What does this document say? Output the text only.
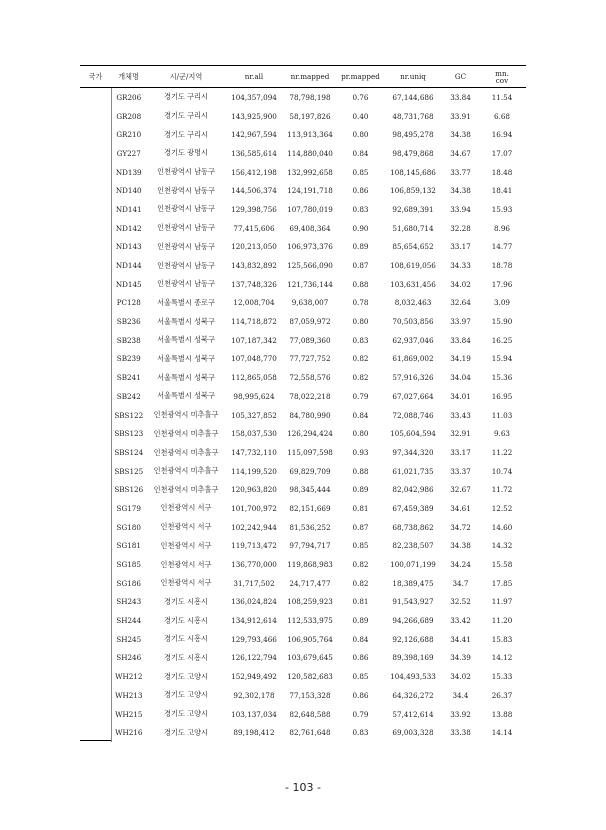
국가	개체명	시/군/지역	nr.all	nr.mapped	pr.mapped	nr.uniq	GC	mn.
cov

	GR206	경기도 구리시	104,357,094	78,798,198	0.76	67,144,686	33.84	11.54
	GR208	경기도 구리시	143,925,900	58,197,826	0.40	48,731,768	33.91	6.68
	GR210	경기도 구리시	142,967,594	113,913,364	0.80	98,495,278	34.38	16.94
	GY227	경기도 광명시	136,585,614	114,880,040	0.84	98,479,868	34.67	17.07
	ND139	인천광역시 남동구	156,412,198	132,992,658	0.85	108,145,686	33.77	18.48
	ND140	인천광역시 남동구	144,506,374	124,191,718	0.86	106,859,132	34.38	18.41
	ND141	인천광역시 남동구	129,398,756	107,780,019	0.83	92,689,391	33.94	15.93
	ND142	인천광역시 남동구	77,415,606	69,408,364	0.90	51,680,714	32.28	8.96
	ND143	인천광역시 남동구	120,213,050	106,973,376	0.89	85,654,652	33.17	14.77
	ND144	인천광역시 남동구	143,832,892	125,566,090	0.87	108,619,056	34.33	18.78
	ND145	인천광역시 남동구	137,748,326	121,736,144	0.88	103,631,456	34.02	17.96
	PC128	서울특별시 종로구	12,008,704	9,638,007	0.78	8,032,463	32.64	3.09
	SB236	서울특별시 성북구	114,718,872	87,059,972	0.80	70,503,856	33.97	15.90
	SB238	서울특별시 성북구	107,187,342	77,089,360	0.83	62,937,046	33.84	16.25
	SB239	서울특별시 성북구	107,048,770	77,727,752	0.82	61,869,002	34.19	15.94
	SB241	서울특별시 성북구	112,865,058	72,558,576	0.82	57,916,326	34.04	15.36
	SB242	서울특별시 성북구	98,995,624	78,022,218	0.79	67,027,664	34.01	16.95
	SBS122	인천광역시 미추홀구	105,327,852	84,780,990	0.84	72,088,746	33.43	11.03
	SBS123	인천광역시 미추홀구	158,037,530	126,294,424	0.80	105,604,594	32.91	9.63
	SBS124	인천광역시 미추홀구	147,732,110	115,097,598	0.93	97,344,320	33.17	11.22
	SBS125	인천광역시 미추홀구	114,199,520	69,829,709	0.88	61,021,735	33.37	10.74
	SBS126	인천광역시 미추홀구	120,963,820	98,345,444	0.89	82,042,986	32.67	11.72
	SG179	인천광역시 서구	101,700,972	82,151,669	0.81	67,459,389	34.61	12.52
	SG180	인천광역시 서구	102,242,944	81,536,252	0.87	68,738,862	34.72	14.60
	SG181	인천광역시 서구	119,713,472	97,794,717	0.85	82,238,507	34.38	14.32
	SG185	인천광역시 서구	136,770,000	119,868,983	0.82	100,071,199	34.24	15.58
	SG186	인천광역시 서구	31,717,502	24,717,477	0.82	18,389,475	34.7	17.85
	SH243	경기도 시흥시	136,024,824	108,259,923	0.81	91,543,927	32.52	11.97
	SH244	경기도 시흥시	134,912,614	112,533,975	0.89	94,266,689	33.42	11.20
	SH245	경기도 시흥시	129,793,466	106,905,764	0.84	92,126,688	34.41	15.83
	SH246	경기도 시흥시	126,122,794	103,679,645	0.86	89,398,169	34.39	14.12
	WH212	경기도 고양시	152,949,492	120,582,683	0.85	104,493,533	34.02	15.33
	WH213	경기도 고양시	92,302,178	77,153,328	0.86	64,326,272	34.4	26.37
	WH215	경기도 고양시	103,137,034	82,648,588	0.79	57,412,614	33.92	13.88
	WH216	경기도 고양시	89,198,412	82,761,648	0.83	69,003,328	33.38	14.14
- 103 -
